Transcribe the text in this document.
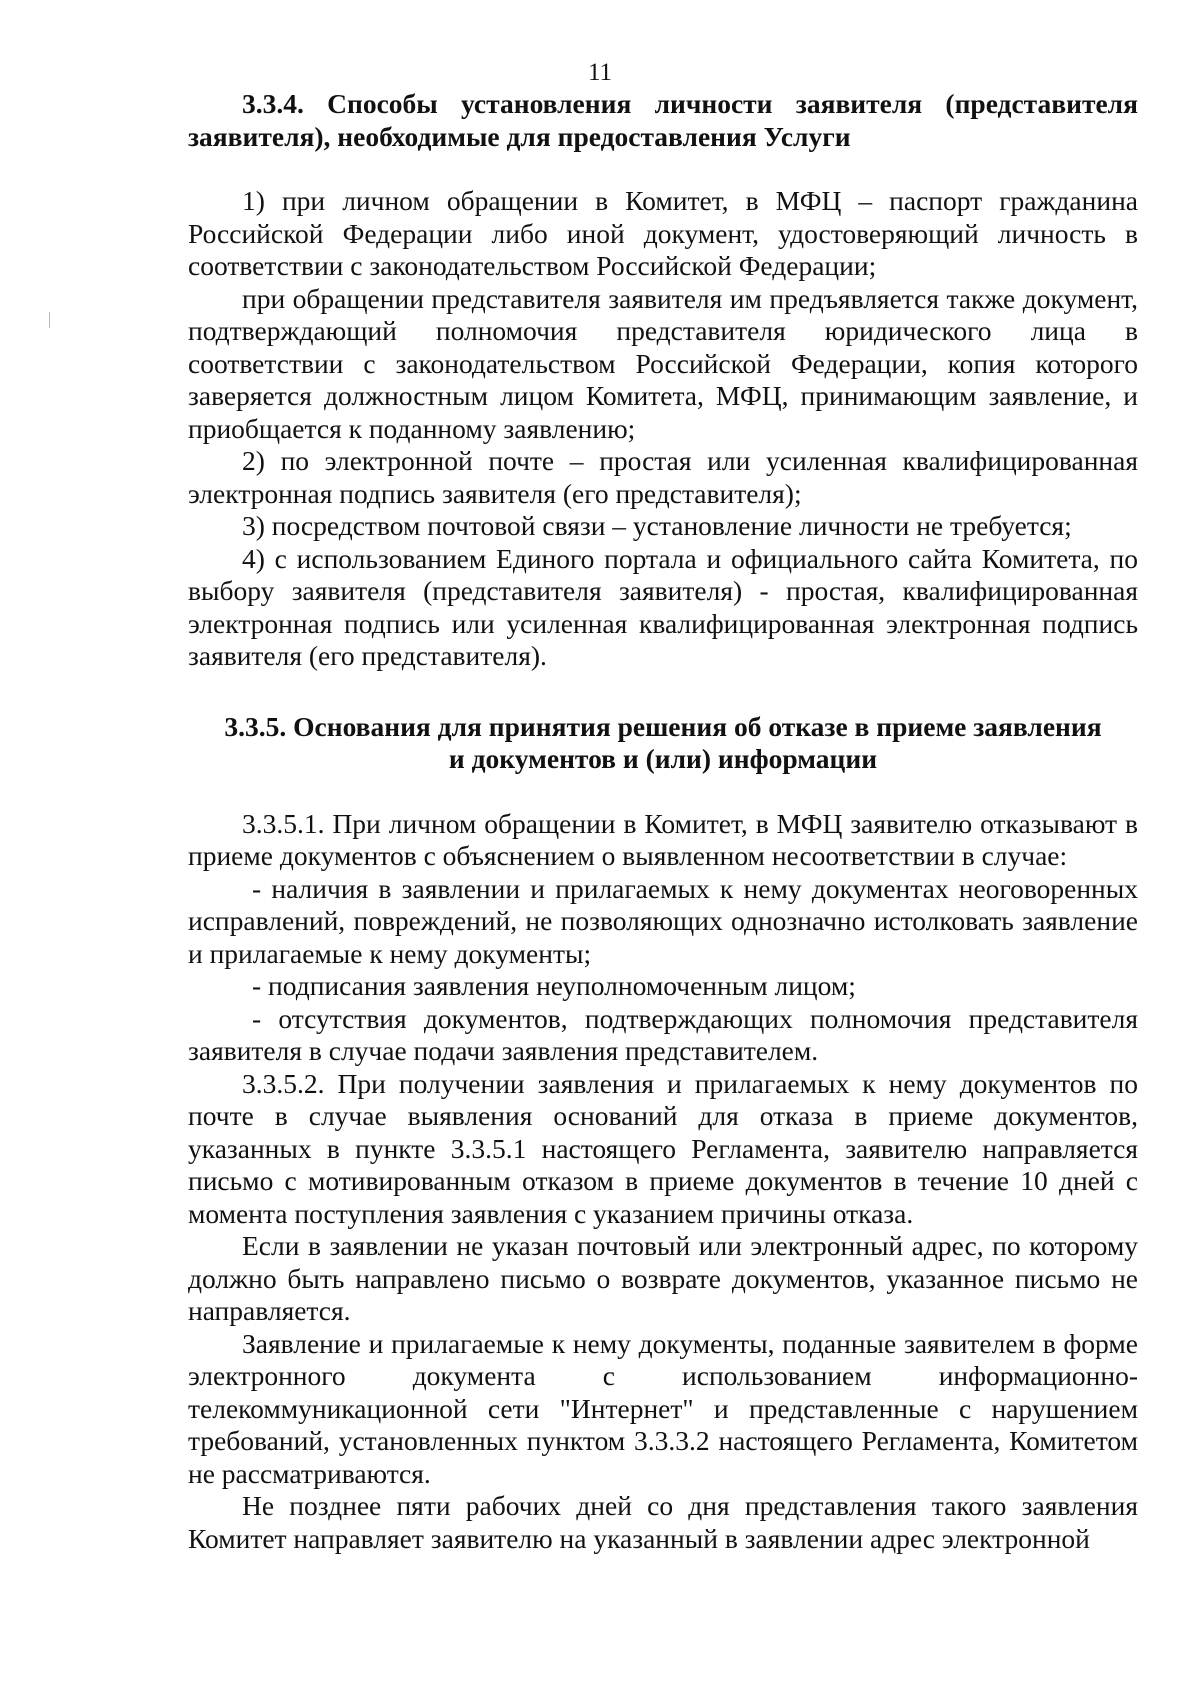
11

3.3.4. Способы установления личности заявителя (представителя заявителя), необходимые для предоставления Услуги

1) при личном обращении в Комитет, в МФЦ – паспорт гражданина Российской Федерации либо иной документ, удостоверяющий личность в соответствии с законодательством Российской Федерации;

при обращении представителя заявителя им предъявляется также документ, подтверждающий полномочия представителя юридического лица в соответствии с законодательством Российской Федерации, копия которого заверяется должностным лицом Комитета, МФЦ, принимающим заявление, и приобщается к поданному заявлению;

2) по электронной почте – простая или усиленная квалифицированная электронная подпись заявителя (его представителя);

3) посредством почтовой связи – установление личности не требуется;

4) с использованием Единого портала и официального сайта Комитета, по выбору заявителя (представителя заявителя) - простая, квалифицированная электронная подпись или усиленная квалифицированная электронная подпись заявителя (его представителя).

3.3.5. Основания для принятия решения об отказе в приеме заявления

и документов и (или) информации

3.3.5.1. При личном обращении в Комитет, в МФЦ заявителю отказывают в приеме документов с объяснением о выявленном несоответствии в случае:

- наличия в заявлении и прилагаемых к нему документах неоговоренных исправлений, повреждений, не позволяющих однозначно истолковать заявление и прилагаемые к нему документы;

- подписания заявления неуполномоченным лицом;

- отсутствия документов, подтверждающих полномочия представителя заявителя в случае подачи заявления представителем.

3.3.5.2. При получении заявления и прилагаемых к нему документов по почте в случае выявления оснований для отказа в приеме документов, указанных в пункте 3.3.5.1 настоящего Регламента, заявителю направляется письмо с мотивированным отказом в приеме документов в течение 10 дней с момента поступления заявления с указанием причины отказа.

Если в заявлении не указан почтовый или электронный адрес, по которому должно быть направлено письмо о возврате документов, указанное письмо не направляется.

Заявление и прилагаемые к нему документы, поданные заявителем в форме электронного документа с использованием информационно-телекоммуникационной сети "Интернет" и представленные с нарушением требований, установленных пунктом 3.3.3.2 настоящего Регламента, Комитетом не рассматриваются.

Не позднее пяти рабочих дней со дня представления такого заявления Комитет направляет заявителю на указанный в заявлении адрес электронной
